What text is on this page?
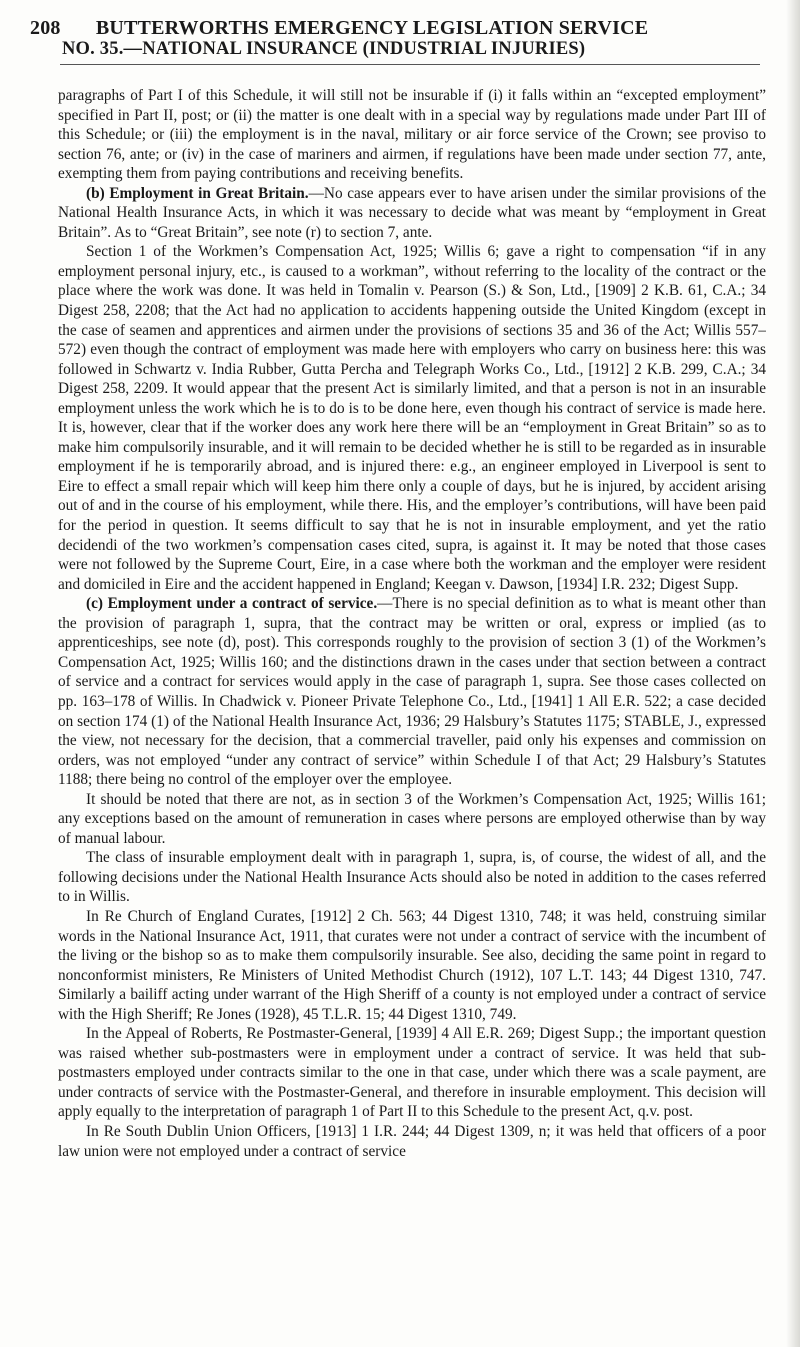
208 BUTTERWORTHS EMERGENCY LEGISLATION SERVICE
NO. 35.—NATIONAL INSURANCE (INDUSTRIAL INJURIES)

paragraphs of Part I of this Schedule, it will still not be insurable if (i) it falls within an “excepted employment” specified in Part II, post; or (ii) the matter is one dealt with in a special way by regulations made under Part III of this Schedule; or (iii) the employment is in the naval, military or air force service of the Crown; see proviso to section 76, ante; or (iv) in the case of mariners and airmen, if regulations have been made under section 77, ante, exempting them from paying contributions and receiving benefits.

(b) Employment in Great Britain.—No case appears ever to have arisen under the similar provisions of the National Health Insurance Acts, in which it was necessary to decide what was meant by “employment in Great Britain”. As to “Great Britain”, see note (r) to section 7, ante.

Section 1 of the Workmen’s Compensation Act, 1925; Willis 6; gave a right to compensation “if in any employment personal injury, etc., is caused to a workman”, without referring to the locality of the contract or the place where the work was done. It was held in Tomalin v. Pearson (S.) & Son, Ltd., [1909] 2 K.B. 61, C.A.; 34 Digest 258, 2208; that the Act had no application to accidents happening outside the United Kingdom (except in the case of seamen and apprentices and airmen under the provisions of sections 35 and 36 of the Act; Willis 557–572) even though the contract of employment was made here with employers who carry on business here: this was followed in Schwartz v. India Rubber, Gutta Percha and Telegraph Works Co., Ltd., [1912] 2 K.B. 299, C.A.; 34 Digest 258, 2209. It would appear that the present Act is similarly limited, and that a person is not in an insurable employment unless the work which he is to do is to be done here, even though his contract of service is made here. It is, however, clear that if the worker does any work here there will be an “employment in Great Britain” so as to make him compulsorily insurable, and it will remain to be decided whether he is still to be regarded as in insurable employment if he is temporarily abroad, and is injured there: e.g., an engineer employed in Liverpool is sent to Eire to effect a small repair which will keep him there only a couple of days, but he is injured, by accident arising out of and in the course of his employment, while there. His, and the employer’s contributions, will have been paid for the period in question. It seems difficult to say that he is not in insurable employment, and yet the ratio decidendi of the two workmen’s compensation cases cited, supra, is against it. It may be noted that those cases were not followed by the Supreme Court, Eire, in a case where both the workman and the employer were resident and domiciled in Eire and the accident happened in England; Keegan v. Dawson, [1934] I.R. 232; Digest Supp.

(c) Employment under a contract of service.—There is no special definition as to what is meant other than the provision of paragraph 1, supra, that the contract may be written or oral, express or implied (as to apprenticeships, see note (d), post). This corresponds roughly to the provision of section 3 (1) of the Workmen’s Compensation Act, 1925; Willis 160; and the distinctions drawn in the cases under that section between a contract of service and a contract for services would apply in the case of paragraph 1, supra. See those cases collected on pp. 163–178 of Willis. In Chadwick v. Pioneer Private Telephone Co., Ltd., [1941] 1 All E.R. 522; a case decided on section 174 (1) of the National Health Insurance Act, 1936; 29 Halsbury’s Statutes 1175; STABLE, J., expressed the view, not necessary for the decision, that a commercial traveller, paid only his expenses and commission on orders, was not employed “under any contract of service” within Schedule I of that Act; 29 Halsbury’s Statutes 1188; there being no control of the employer over the employee.

It should be noted that there are not, as in section 3 of the Workmen’s Compensation Act, 1925; Willis 161; any exceptions based on the amount of remuneration in cases where persons are employed otherwise than by way of manual labour.

The class of insurable employment dealt with in paragraph 1, supra, is, of course, the widest of all, and the following decisions under the National Health Insurance Acts should also be noted in addition to the cases referred to in Willis.

In Re Church of England Curates, [1912] 2 Ch. 563; 44 Digest 1310, 748; it was held, construing similar words in the National Insurance Act, 1911, that curates were not under a contract of service with the incumbent of the living or the bishop so as to make them compulsorily insurable. See also, deciding the same point in regard to nonconformist ministers, Re Ministers of United Methodist Church (1912), 107 L.T. 143; 44 Digest 1310, 747. Similarly a bailiff acting under warrant of the High Sheriff of a county is not employed under a contract of service with the High Sheriff; Re Jones (1928), 45 T.L.R. 15; 44 Digest 1310, 749.

In the Appeal of Roberts, Re Postmaster-General, [1939] 4 All E.R. 269; Digest Supp.; the important question was raised whether sub-postmasters were in employment under a contract of service. It was held that sub-postmasters employed under contracts similar to the one in that case, under which there was a scale payment, are under contracts of service with the Postmaster-General, and therefore in insurable employment. This decision will apply equally to the interpretation of paragraph 1 of Part II to this Schedule to the present Act, q.v. post.

In Re South Dublin Union Officers, [1913] 1 I.R. 244; 44 Digest 1309, n; it was held that officers of a poor law union were not employed under a contract of service
